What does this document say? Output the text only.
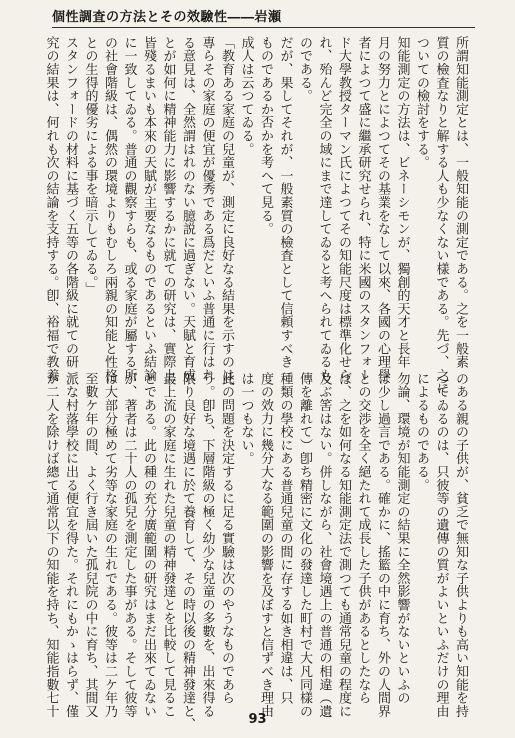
個性調査の方法とその效驗性――岩瀬
所謂知能測定とは、一般知能の測定である。之を一般素
質の檢査なりと解する人も少なくない樣である。先づ、之に
ついての檢討をする。
知能測定の方法は、ビネーシモンが、獨創的天才と長年
月の努力とによつてその基業をなして以來、各國の心理學
者によつて盛に繼承研究せられ、特に米國のスタンフォー
ド大學教授ターマン氏によつてその知能尺度は標準化せら
れ、殆んど完全の域にまで達してゐると考へられてゐるも
のである。
だが、果してそれが、一般素質の檢査として信頼すべき
ものであるか否かを考へて見る。
成人は云つてゐる。
「教育ある家庭の兒童が、測定に良好なる結果を示すのは、
專らその家庭の便宜が優秀である爲だといふ普通に行はれ
る意見は、全然謂はれのない臆説に過ぎない。天賦と育成
とが如何に精神能力に影響するかに就ての研究は、實際上
皆殘るまいも本來の天賦が主要なるものであるといふ結論
に一致してゐる。普通の觀察すらも、或る家庭が屬する所
の社會階級は、偶然の環境よりもむしろ兩親の知能と性格
との生得的優劣による事を暗示してゐる。」
スタンフォードの材料に基づく五等の各階級に就ての研
究の結果は、何れも次の結論を支持する。卽、裕福で教養
のある親の子供が、貧乏で無知な子供よりも高い知能を持
つてゐるのは、只彼等の遺傳の質がよいといふだけの理由
によるものである。
勿論、環境が知能測定の結果に全然影響がないといふの
は少し過言である。確かに、搖籃の中に育ち、外の人間界
との交渉を全く絕たれて成長した子供があるとしたなら
ば、之を如何なる知能測定法で測つても通常兒童の程度に
及ぶ筈はない。併しながら、社會境遇上の普通の相違（遺
傳を離れて）卽ち精密に文化の發達した町村で大凡同樣の
種類の學校にある普通兒童の間に存する如き相違は、只
度の效力に幾分大なる範圍の影響を及ぼすと信ずべき理由
は一つもない。
此の問題を決定するに足る實驗は次のやうなものであら
う。卽ち、下層階級の極く幼少な兒童の多數を、出來得る
限り良好な境遇に於て養育して、その時以後の精神發達と、
最上流の家庭に生れた兒童の精神發達とを比較して見るこ
とである。此の種の充分廣範圍の研究はまだ出來てゐない
が、著者は二十人の孤兒を測定した事がある。そして彼等
は大部分極めて劣等な家庭の生れである。彼等は二ケ年乃
至數ケ年の間、よく行き屆いた孤兒院の中に育ち、其間又
派な村落學校に出る便宜を得た。それにもかゝはらず、僅
か二人を除けば總て通常以下の知能を持ち、知能指數七十
93
